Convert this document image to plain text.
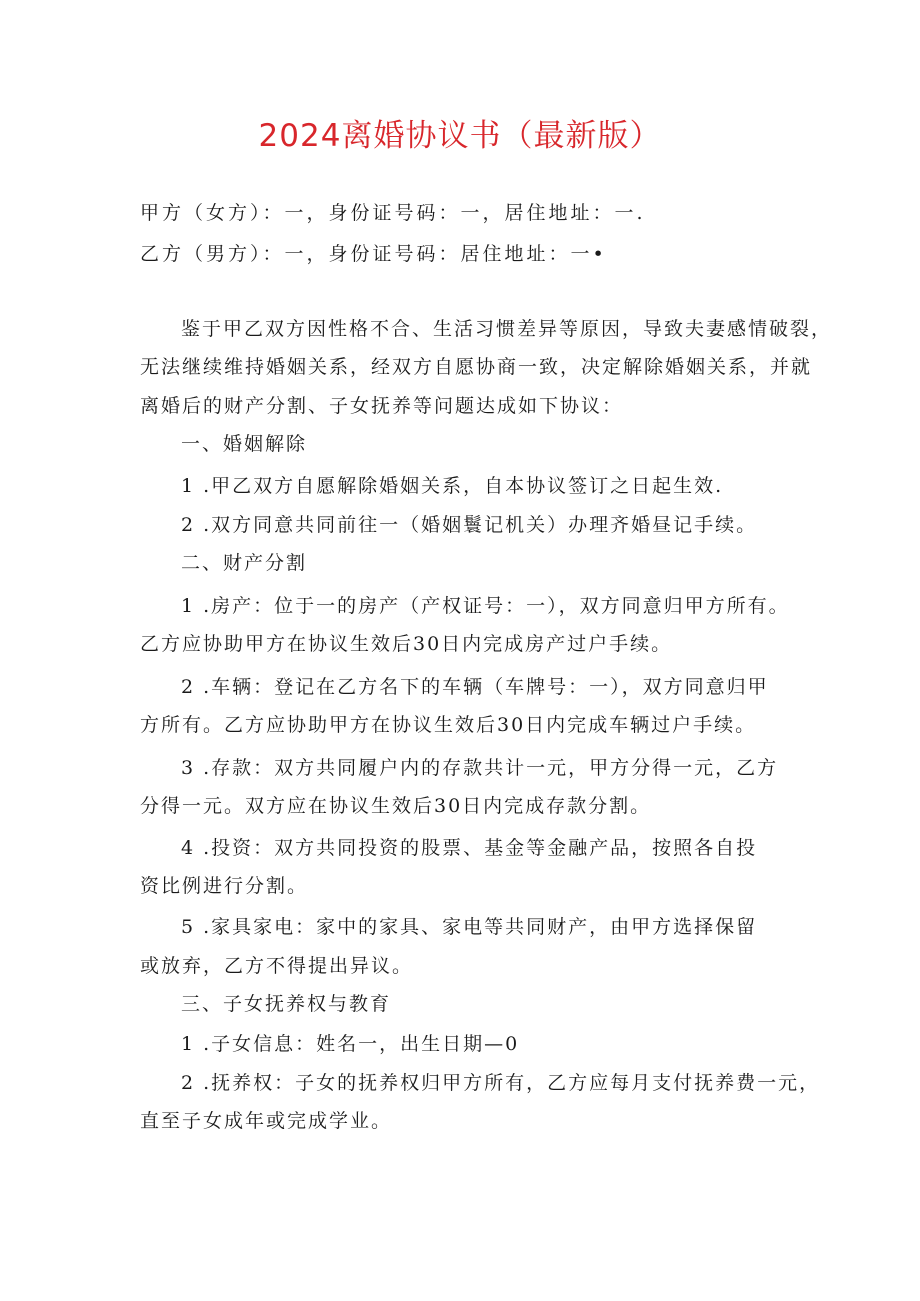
2024离婚协议书（最新版）
甲方（女方）：一，身份证号码：一，居住地址：一.
乙方（男方）：一，身份证号码：居住地址：一•
鉴于甲乙双方因性格不合、生活习惯差异等原因，导致夫妻感情破裂，
无法继续维持婚姻关系，经双方自愿协商一致，决定解除婚姻关系，并就
离婚后的财产分割、子女抚养等问题达成如下协议：
一、婚姻解除
1 .甲乙双方自愿解除婚姻关系，自本协议签订之日起生效.
2 .双方同意共同前往一（婚姻鬟记机关）办理齐婚昼记手续。
二、财产分割
1 .房产：位于一的房产（产权证号：一），双方同意归甲方所有。
乙方应协助甲方在协议生效后30日内完成房产过户手续。
2 .车辆：登记在乙方名下的车辆（车牌号：一），双方同意归甲
方所有。乙方应协助甲方在协议生效后30日内完成车辆过户手续。
3 .存款：双方共同履户内的存款共计一元，甲方分得一元，乙方
分得一元。双方应在协议生效后30日内完成存款分割。
4 .投资：双方共同投资的股票、基金等金融产品，按照各自投
资比例进行分割。
5 .家具家电：家中的家具、家电等共同财产，由甲方选择保留
或放弃，乙方不得提出异议。
三、子女抚养权与教育
1 .子女信息：姓名一，出生日期—0
2 .抚养权：子女的抚养权归甲方所有，乙方应每月支付抚养费一元，
直至子女成年或完成学业。
